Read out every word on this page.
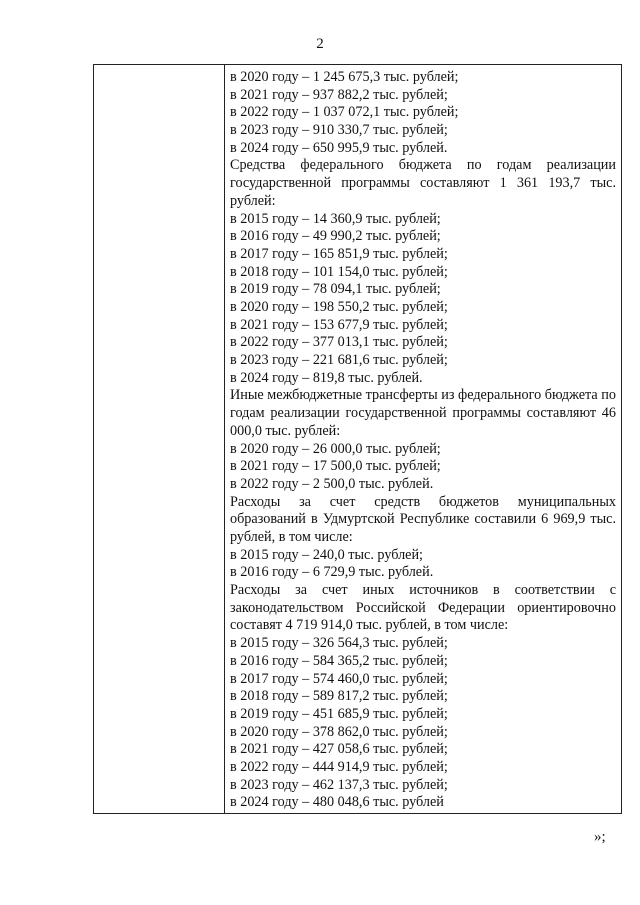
2
в 2020 году – 1 245 675,3 тыс. рублей;
в 2021 году – 937 882,2 тыс. рублей;
в 2022 году – 1 037 072,1 тыс. рублей;
в 2023 году – 910 330,7 тыс. рублей;
в 2024 году – 650 995,9 тыс. рублей.
Средства федерального бюджета по годам реализации государственной программы составляют 1 361 193,7 тыс. рублей:
в 2015 году – 14 360,9 тыс. рублей;
в 2016 году – 49 990,2 тыс. рублей;
в 2017 году – 165 851,9 тыс. рублей;
в 2018 году – 101 154,0 тыс. рублей;
в 2019 году – 78 094,1 тыс. рублей;
в 2020 году – 198 550,2 тыс. рублей;
в 2021 году – 153 677,9 тыс. рублей;
в 2022 году – 377 013,1 тыс. рублей;
в 2023 году – 221 681,6 тыс. рублей;
в 2024 году – 819,8 тыс. рублей.
Иные межбюджетные трансферты из федерального бюджета по годам реализации государственной программы составляют 46 000,0 тыс. рублей:
в 2020 году – 26 000,0 тыс. рублей;
в 2021 году – 17 500,0 тыс. рублей;
в 2022 году – 2 500,0 тыс. рублей.
Расходы за счет средств бюджетов муниципальных образований в Удмуртской Республике составили 6 969,9 тыс. рублей, в том числе:
в 2015 году – 240,0 тыс. рублей;
в 2016 году – 6 729,9 тыс. рублей.
Расходы за счет иных источников в соответствии с законодательством Российской Федерации ориентировочно составят 4 719 914,0 тыс. рублей, в том числе:
в 2015 году – 326 564,3 тыс. рублей;
в 2016 году – 584 365,2 тыс. рублей;
в 2017 году – 574 460,0 тыс. рублей;
в 2018 году – 589 817,2 тыс. рублей;
в 2019 году – 451 685,9 тыс. рублей;
в 2020 году – 378 862,0 тыс. рублей;
в 2021 году – 427 058,6 тыс. рублей;
в 2022 году – 444 914,9 тыс. рублей;
в 2023 году – 462 137,3 тыс. рублей;
в 2024 году – 480 048,6 тыс. рублей
»;
